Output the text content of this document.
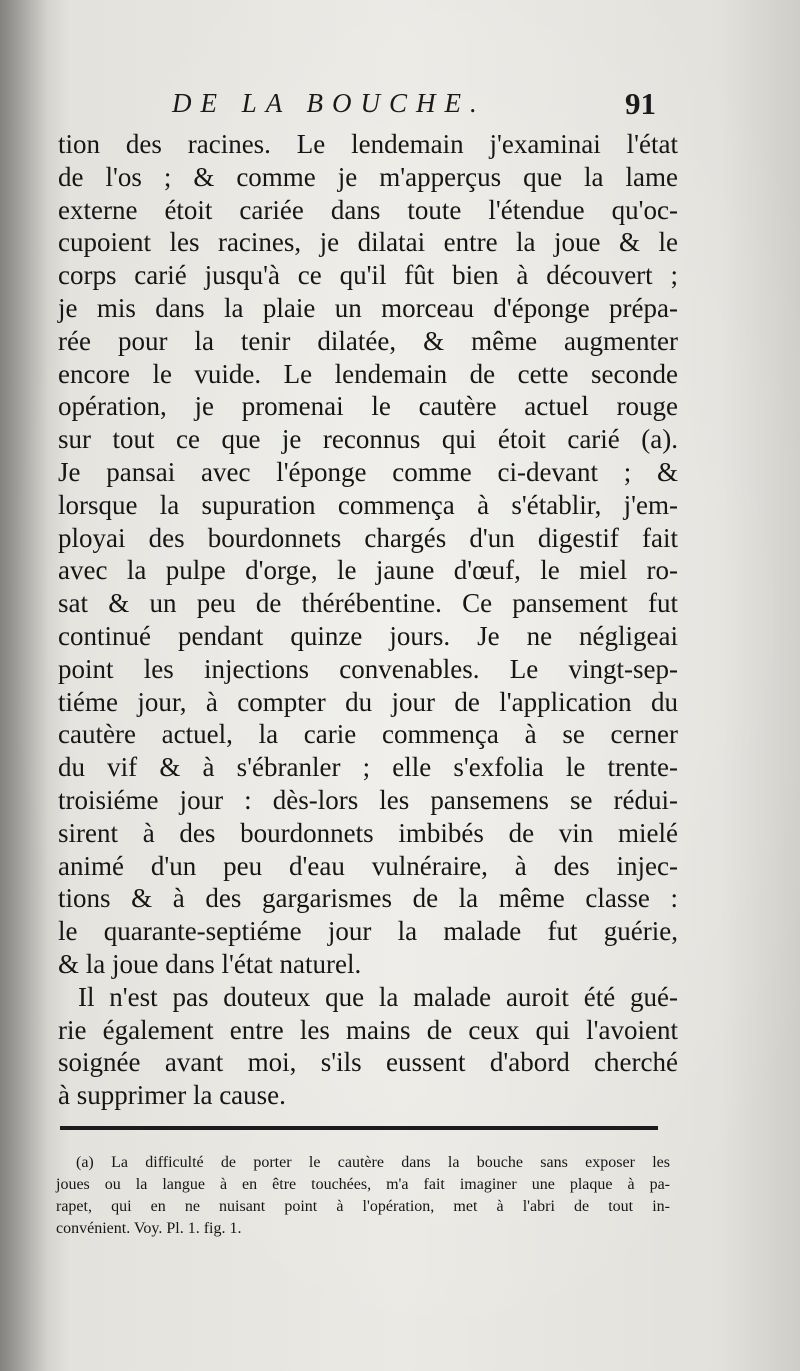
DE LA BOUCHE.	91
tion des racines. Le lendemain j'examinai l'état
de l'os ; & comme je m'apperçus que la lame
externe étoit cariée dans toute l'étendue qu'oc-
cupoient les racines, je dilatai entre la joue & le
corps carié jusqu'à ce qu'il fût bien à découvert ;
je mis dans la plaie un morceau d'éponge prépa-
rée pour la tenir dilatée, & même augmenter
encore le vuide. Le lendemain de cette seconde
opération, je promenai le cautère actuel rouge
sur tout ce que je reconnus qui étoit carié (a).
Je pansai avec l'éponge comme ci-devant ; &
lorsque la supuration commença à s'établir, j'em-
ployai des bourdonnets chargés d'un digestif fait
avec la pulpe d'orge, le jaune d'œuf, le miel ro-
sat & un peu de thérébentine. Ce pansement fut
continué pendant quinze jours. Je ne négligeai
point les injections convenables. Le vingt-sep-
tiéme jour, à compter du jour de l'application du
cautère actuel, la carie commença à se cerner
du vif & à s'ébranler ; elle s'exfolia le trente-
troisiéme jour : dès-lors les pansemens se rédui-
sirent à des bourdonnets imbibés de vin mielé
animé d'un peu d'eau vulnéraire, à des injec-
tions & à des gargarismes de la même classe :
le quarante-septiéme jour la malade fut guérie,
& la joue dans l'état naturel.
Il n'est pas douteux que la malade auroit été gué-
rie également entre les mains de ceux qui l'avoient
soignée avant moi, s'ils eussent d'abord cherché
à supprimer la cause.
(a) La difficulté de porter le cautère dans la bouche sans exposer les
joues ou la langue à en être touchées, m'a fait imaginer une plaque à pa-
rapet, qui en ne nuisant point à l'opération, met à l'abri de tout in-
convénient. Voy. Pl. 1. fig. 1.
